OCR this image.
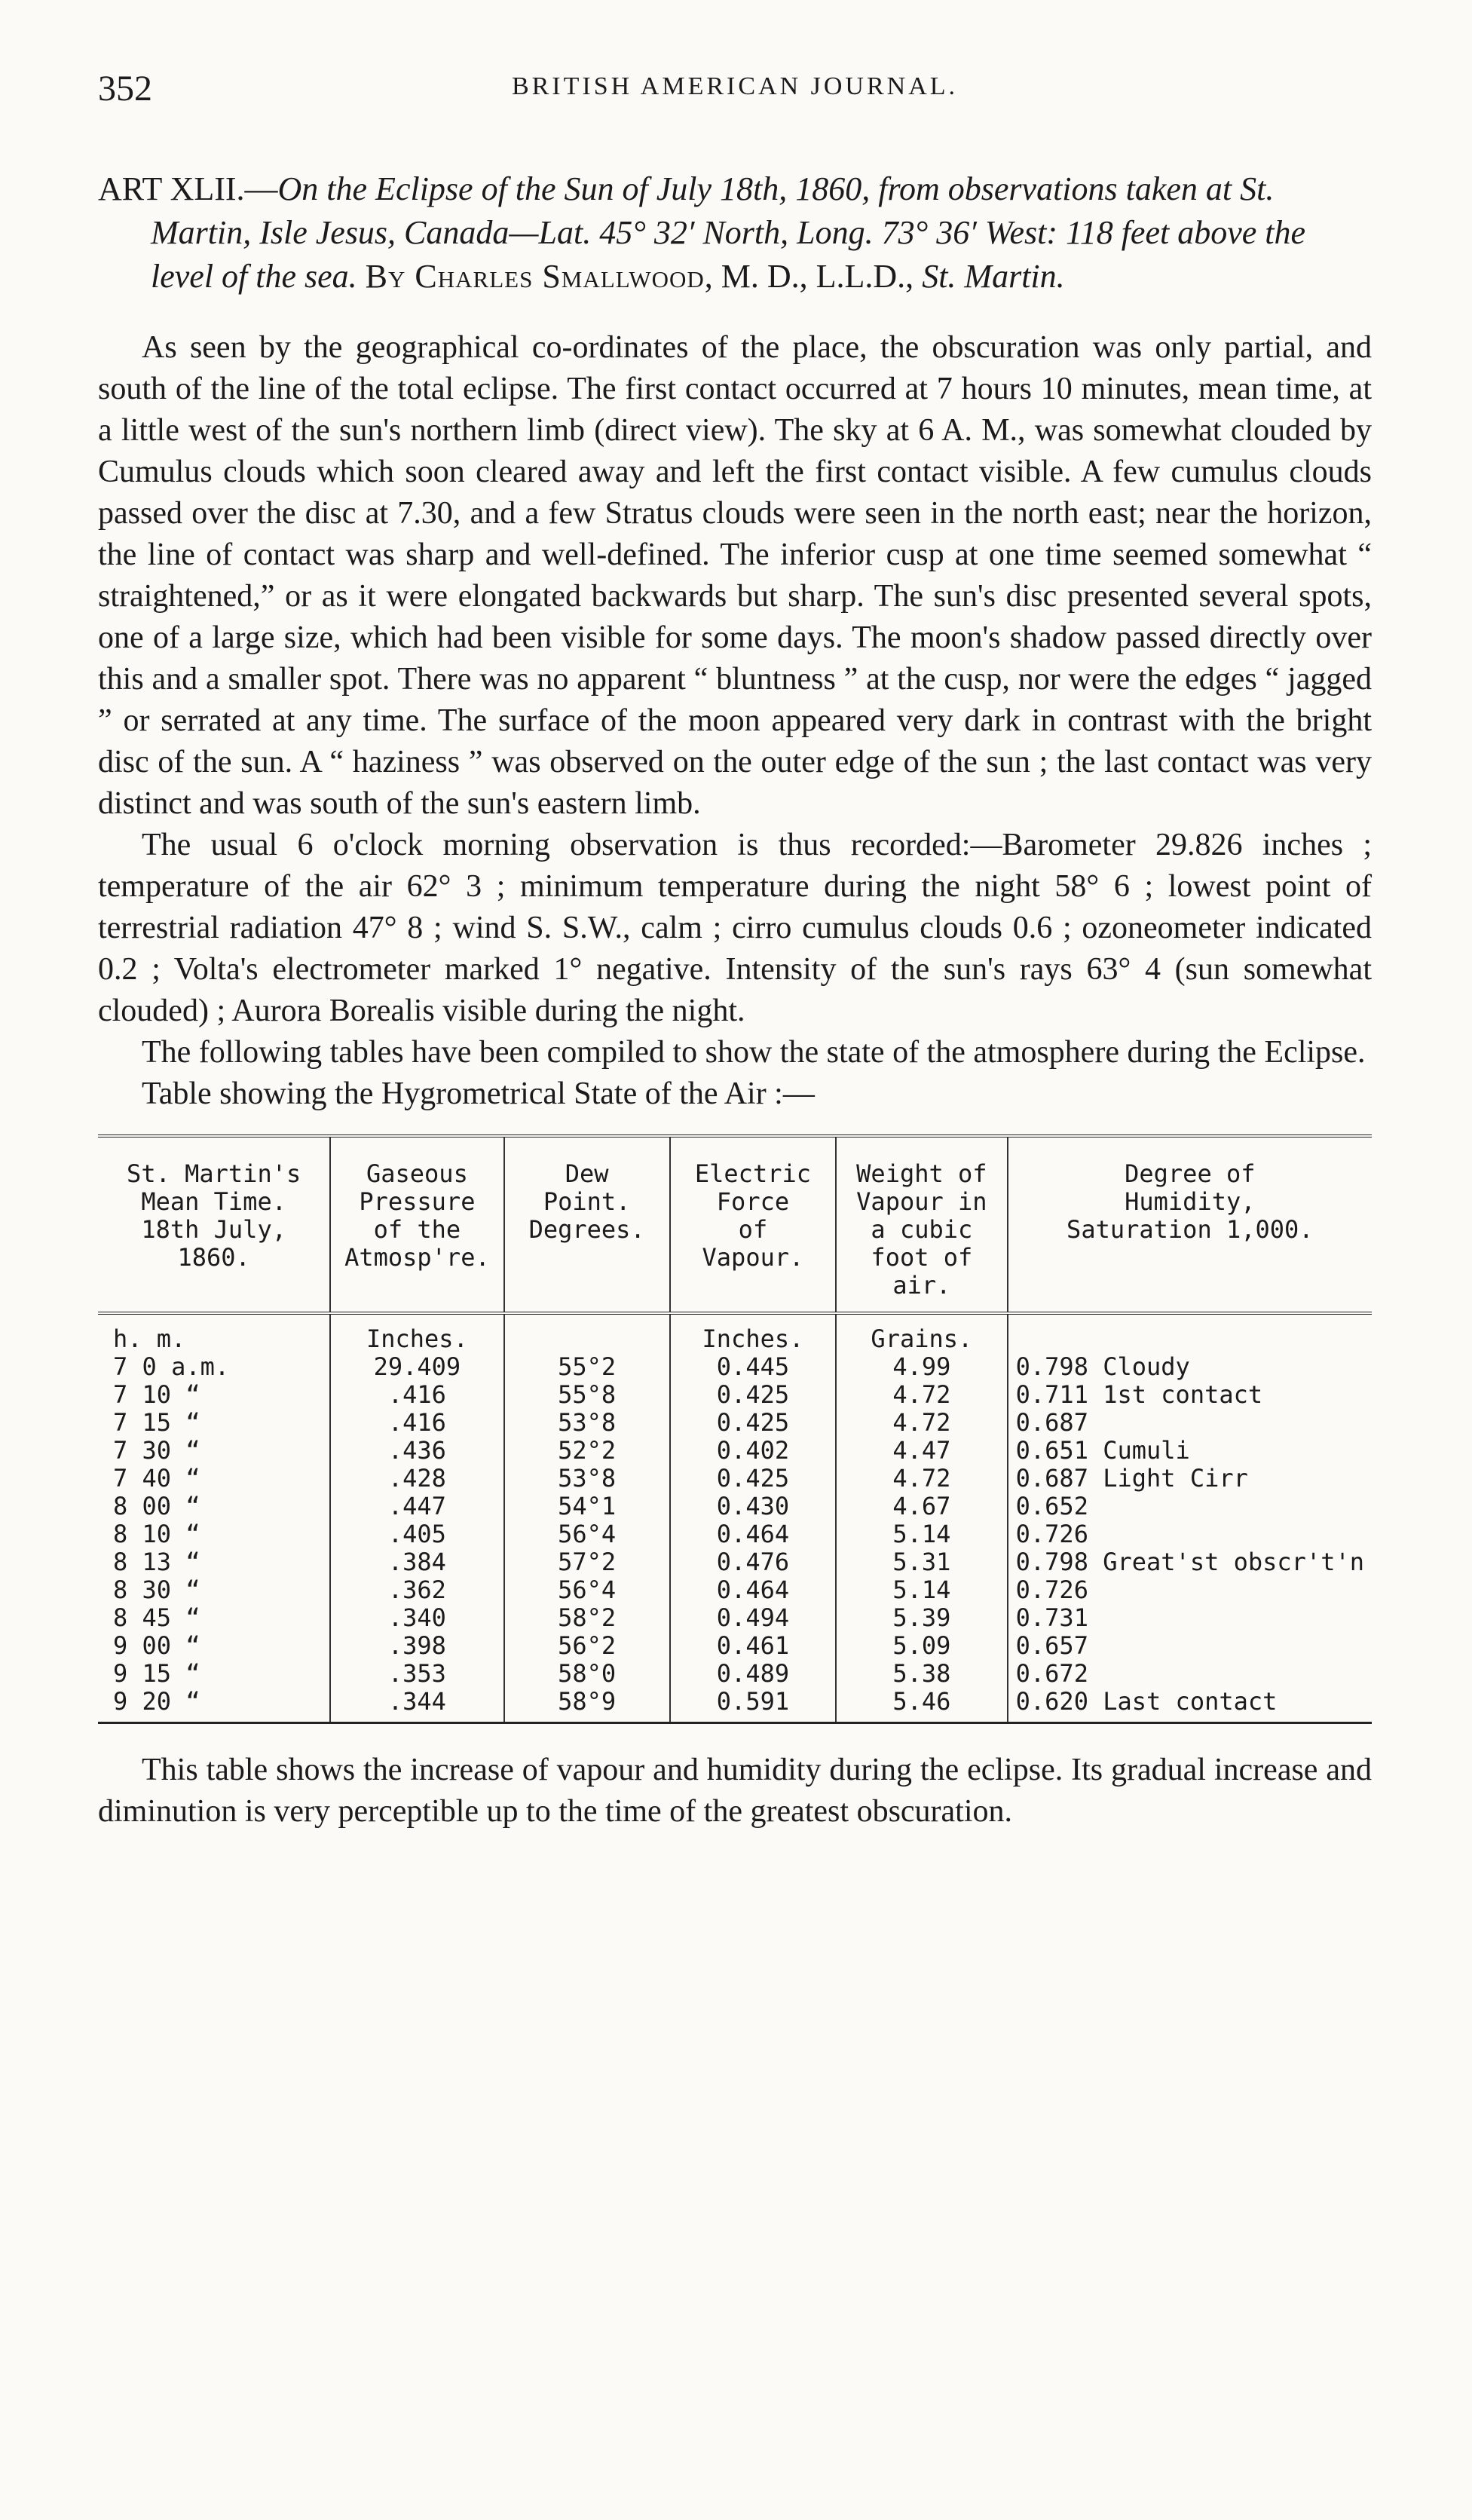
352	BRITISH AMERICAN JOURNAL.
ART XLII.—On the Eclipse of the Sun of July 18th, 1860, from observations taken at St. Martin, Isle Jesus, Canada—Lat. 45° 32′ North, Long. 73° 36′ West: 118 feet above the level of the sea. By Charles Smallwood, M. D., L.L.D., St. Martin.

As seen by the geographical co-ordinates of the place, the obscuration was only partial, and south of the line of the total eclipse. The first contact occurred at 7 hours 10 minutes, mean time, at a little west of the sun's northern limb (direct view). The sky at 6 A. M., was somewhat clouded by Cumulus clouds which soon cleared away and left the first contact visible. A few cumulus clouds passed over the disc at 7.30, and a few Stratus clouds were seen in the north east; near the horizon, the line of contact was sharp and well-defined. The inferior cusp at one time seemed somewhat “ straightened,” or as it were elongated backwards but sharp. The sun's disc presented several spots, one of a large size, which had been visible for some days. The moon's shadow passed directly over this and a smaller spot. There was no apparent “ bluntness ” at the cusp, nor were the edges “ jagged ” or serrated at any time. The surface of the moon appeared very dark in contrast with the bright disc of the sun. A “ haziness ” was observed on the outer edge of the sun ; the last contact was very distinct and was south of the sun's eastern limb.

The usual 6 o'clock morning observation is thus recorded:—Barometer 29.826 inches ; temperature of the air 62° 3 ; minimum temperature during the night 58° 6 ; lowest point of terrestrial radiation 47° 8 ; wind S. S.W., calm ; cirro cumulus clouds 0.6 ; ozoneometer indicated 0.2 ; Volta's electrometer marked 1° negative. Intensity of the sun's rays 63° 4 (sun somewhat clouded) ; Aurora Borealis visible during the night.

The following tables have been compiled to show the state of the atmosphere during the Eclipse.

Table showing the Hygrometrical State of the Air :—

St. Martin's
Mean Time.
18th July, 1860.	Gaseous
Pressure
of the
Atmosp're.	Dew
Point.
Degrees.	Electric
Force
of
Vapour.	Weight of
Vapour in
a cubic
foot of air.	Degree of
Humidity,
Saturation 1,000.
h. m.	Inches.		Inches.	Grains.	
7 0 a.m.	29.409	55°2	0.445	4.99	0.798 Cloudy
7 10 “	.416	55°8	0.425	4.72	0.711 1st contact
7 15 “	.416	53°8	0.425	4.72	0.687
7 30 “	.436	52°2	0.402	4.47	0.651 Cumuli
7 40 “	.428	53°8	0.425	4.72	0.687 Light Cirr
8 00 “	.447	54°1	0.430	4.67	0.652
8 10 “	.405	56°4	0.464	5.14	0.726
8 13 “	.384	57°2	0.476	5.31	0.798 Great'st obscr't'n
8 30 “	.362	56°4	0.464	5.14	0.726
8 45 “	.340	58°2	0.494	5.39	0.731
9 00 “	.398	56°2	0.461	5.09	0.657
9 15 “	.353	58°0	0.489	5.38	0.672
9 20 “	.344	58°9	0.591	5.46	0.620 Last contact

This table shows the increase of vapour and humidity during the eclipse. Its gradual increase and diminution is very perceptible up to the time of the greatest obscuration.
